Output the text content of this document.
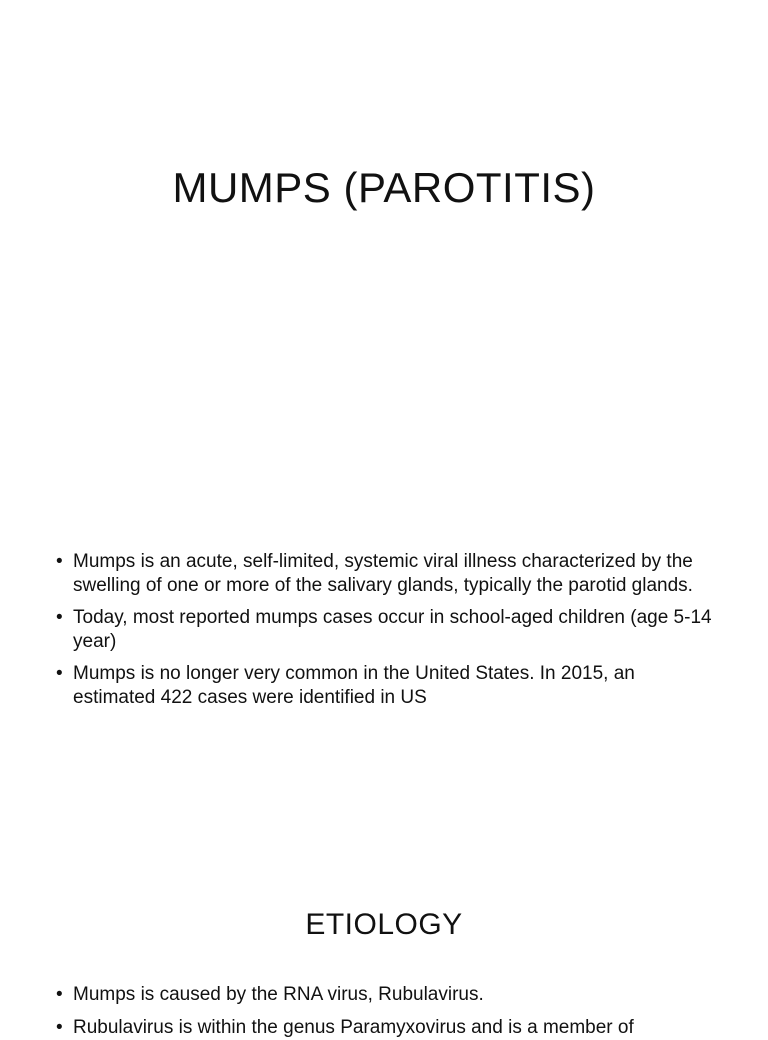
MUMPS (PAROTITIS)
• Mumps is an acute, self-limited, systemic viral illness characterized by the swelling of one or more of the salivary glands, typically the parotid glands.
• Today, most reported mumps cases occur in school-aged children (age 5-14 year)
• Mumps is no longer very common in the United States. In 2015, an estimated 422 cases were identified in US
ETIOLOGY
• Mumps is caused by the RNA virus, Rubulavirus.
• Rubulavirus is within the genus Paramyxovirus and is a member of
